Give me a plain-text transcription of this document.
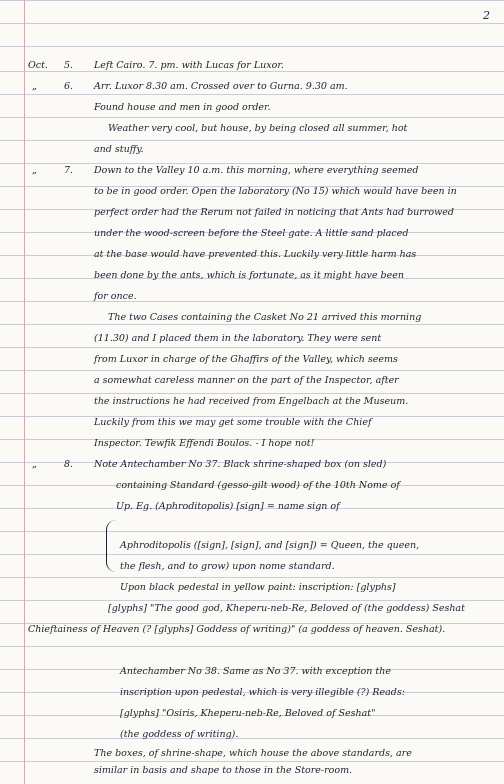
2
Oct. 5. Left Cairo. 7. pm. with Lucas for Luxor.
„	6. Arr. Luxor 8.30 am. Crossed over to Gurna. 9.30 am.
Found house and men in good order.
Weather very cool, but house, by being closed all summer, hot
and stuffy.
„	7. Down to the Valley 10 a.m. this morning, where everything seemed
to be in good order. Open the laboratory (No 15) which would have been in
perfect order had the Rerum not failed in noticing that Ants had burrowed
under the wood-screen before the Steel gate. A little sand placed
at the base would have prevented this. Luckily very little harm has
been done by the ants, which is fortunate, as it might have been
for once.
The two Cases containing the Casket No 21 arrived this morning
(11.30) and I placed them in the laboratory. They were sent
from Luxor in charge of the Ghaffirs of the Valley, which seems
a somewhat careless manner on the part of the Inspector, after
the instructions he had received from Engelbach at the Museum.
Luckily from this we may get some trouble with the Chief
Inspector. Tewfik Effendi Boulos. - I hope not!
„	8. Note Antechamber No 37. Black shrine-shaped box (on sled)
containing Standard (gesso-gilt wood) of the 10th Nome of
Up. Eg. (Aphroditopolis) [sign] = name sign of
Aphroditopolis ([sign], [sign], and [sign]) = Queen, the queen,
the flesh, and to grow) upon nome standard.
Upon black pedestal in yellow paint: inscription: [glyphs]
[glyphs] "The good god, Kheperu-neb-Re, Beloved of (the goddess) Seshat
Chieftainess of Heaven (? [glyphs] Goddess of writing)" (a goddess of heaven. Seshat).
Antechamber No 38. Same as No 37. with exception the
inscription upon pedestal, which is very illegible (?) Reads:
[glyphs] "Osiris, Kheperu-neb-Re, Beloved of Seshat"
(the goddess of writing).
The boxes, of shrine-shape, which house the above standards, are
similar in basis and shape to those in the Store-room.
